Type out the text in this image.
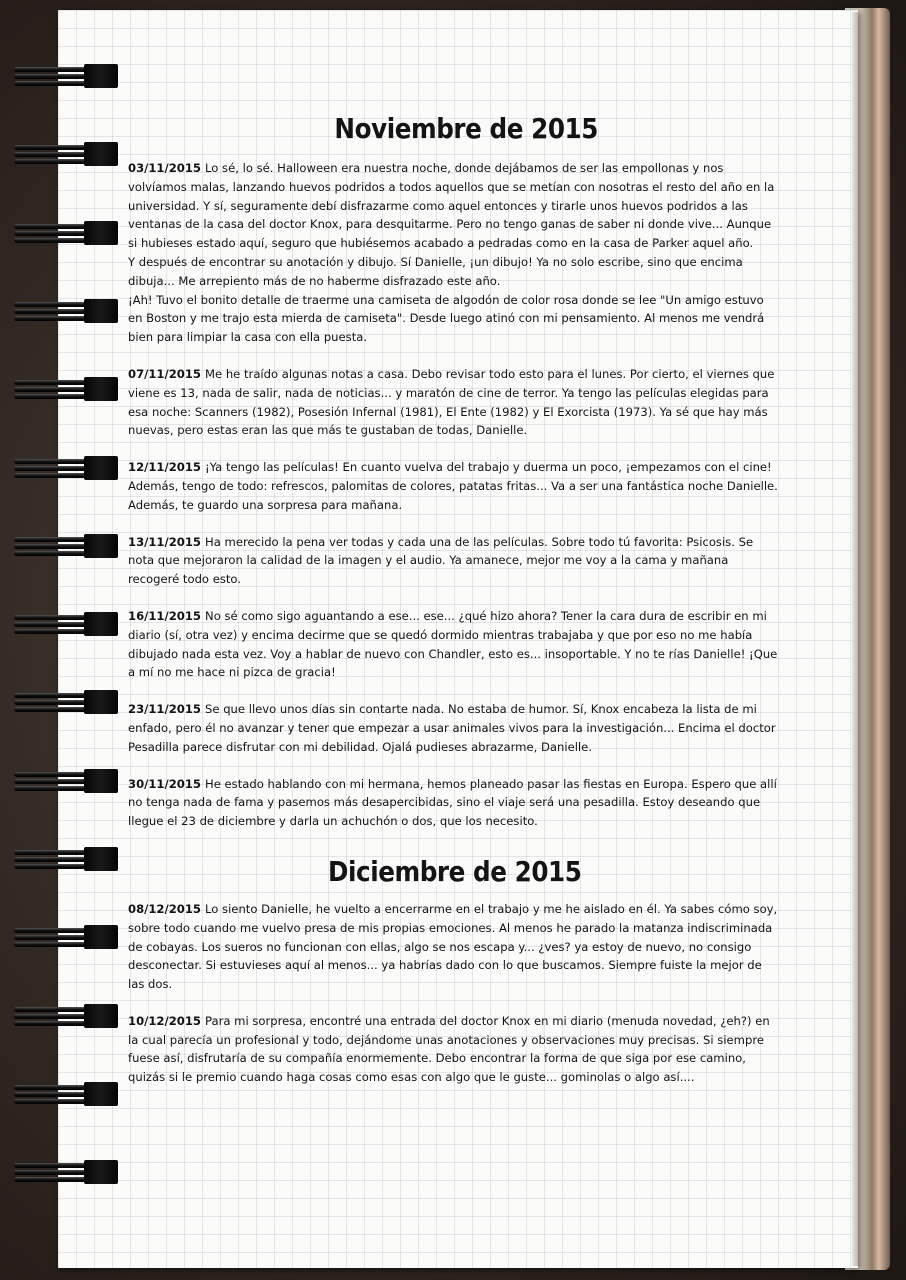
Noviembre de 2015

03/11/2015 Lo sé, lo sé. Halloween era nuestra noche, donde dejábamos de ser las empollonas y nos volvíamos malas, lanzando huevos podridos a todos aquellos que se metían con nosotras el resto del año en la universidad. Y sí, seguramente debí disfrazarme como aquel entonces y tirarle unos huevos podridos a las ventanas de la casa del doctor Knox, para desquitarme. Pero no tengo ganas de saber ni donde vive... Aunque si hubieses estado aquí, seguro que hubiésemos acabado a pedradas como en la casa de Parker aquel año.

Y después de encontrar su anotación y dibujo. Sí Danielle, ¡un dibujo! Ya no solo escribe, sino que encima dibuja... Me arrepiento más de no haberme disfrazado este año.

¡Ah! Tuvo el bonito detalle de traerme una camiseta de algodón de color rosa donde se lee "Un amigo estuvo en Boston y me trajo esta mierda de camiseta". Desde luego atinó con mi pensamiento. Al menos me vendrá bien para limpiar la casa con ella puesta.

07/11/2015 Me he traído algunas notas a casa. Debo revisar todo esto para el lunes. Por cierto, el viernes que viene es 13, nada de salir, nada de noticias... y maratón de cine de terror. Ya tengo las películas elegidas para esa noche: Scanners (1982), Posesión Infernal (1981), El Ente (1982) y El Exorcista (1973). Ya sé que hay más nuevas, pero estas eran las que más te gustaban de todas, Danielle.

12/11/2015 ¡Ya tengo las películas! En cuanto vuelva del trabajo y duerma un poco, ¡empezamos con el cine! Además, tengo de todo: refrescos, palomitas de colores, patatas fritas... Va a ser una fantástica noche Danielle. Además, te guardo una sorpresa para mañana.

13/11/2015 Ha merecido la pena ver todas y cada una de las películas. Sobre todo tú favorita: Psicosis. Se nota que mejoraron la calidad de la imagen y el audio. Ya amanece, mejor me voy a la cama y mañana recogeré todo esto.

16/11/2015 No sé como sigo aguantando a ese... ese... ¿qué hizo ahora? Tener la cara dura de escribir en mi diario (sí, otra vez) y encima decirme que se quedó dormido mientras trabajaba y que por eso no me había dibujado nada esta vez. Voy a hablar de nuevo con Chandler, esto es... insoportable. Y no te rías Danielle! ¡Que a mí no me hace ni pizca de gracia!

23/11/2015 Se que llevo unos días sin contarte nada. No estaba de humor. Sí, Knox encabeza la lista de mi enfado, pero él no avanzar y tener que empezar a usar animales vivos para la investigación... Encima el doctor Pesadilla parece disfrutar con mi debilidad. Ojalá pudieses abrazarme, Danielle.

30/11/2015 He estado hablando con mi hermana, hemos planeado pasar las fiestas en Europa. Espero que allí no tenga nada de fama y pasemos más desapercibidas, sino el viaje será una pesadilla. Estoy deseando que llegue el 23 de diciembre y darla un achuchón o dos, que los necesito.

Diciembre de 2015

08/12/2015 Lo siento Danielle, he vuelto a encerrarme en el trabajo y me he aislado en él. Ya sabes cómo soy, sobre todo cuando me vuelvo presa de mis propias emociones. Al menos he parado la matanza indiscriminada de cobayas. Los sueros no funcionan con ellas, algo se nos escapa y... ¿ves? ya estoy de nuevo, no consigo desconectar. Si estuvieses aquí al menos... ya habrías dado con lo que buscamos. Siempre fuiste la mejor de las dos.

10/12/2015 Para mi sorpresa, encontré una entrada del doctor Knox en mi diario (menuda novedad, ¿eh?) en la cual parecía un profesional y todo, dejándome unas anotaciones y observaciones muy precisas. Si siempre fuese así, disfrutaría de su compañía enormemente. Debo encontrar la forma de que siga por ese camino, quizás si le premio cuando haga cosas como esas con algo que le guste... gominolas o algo así....
